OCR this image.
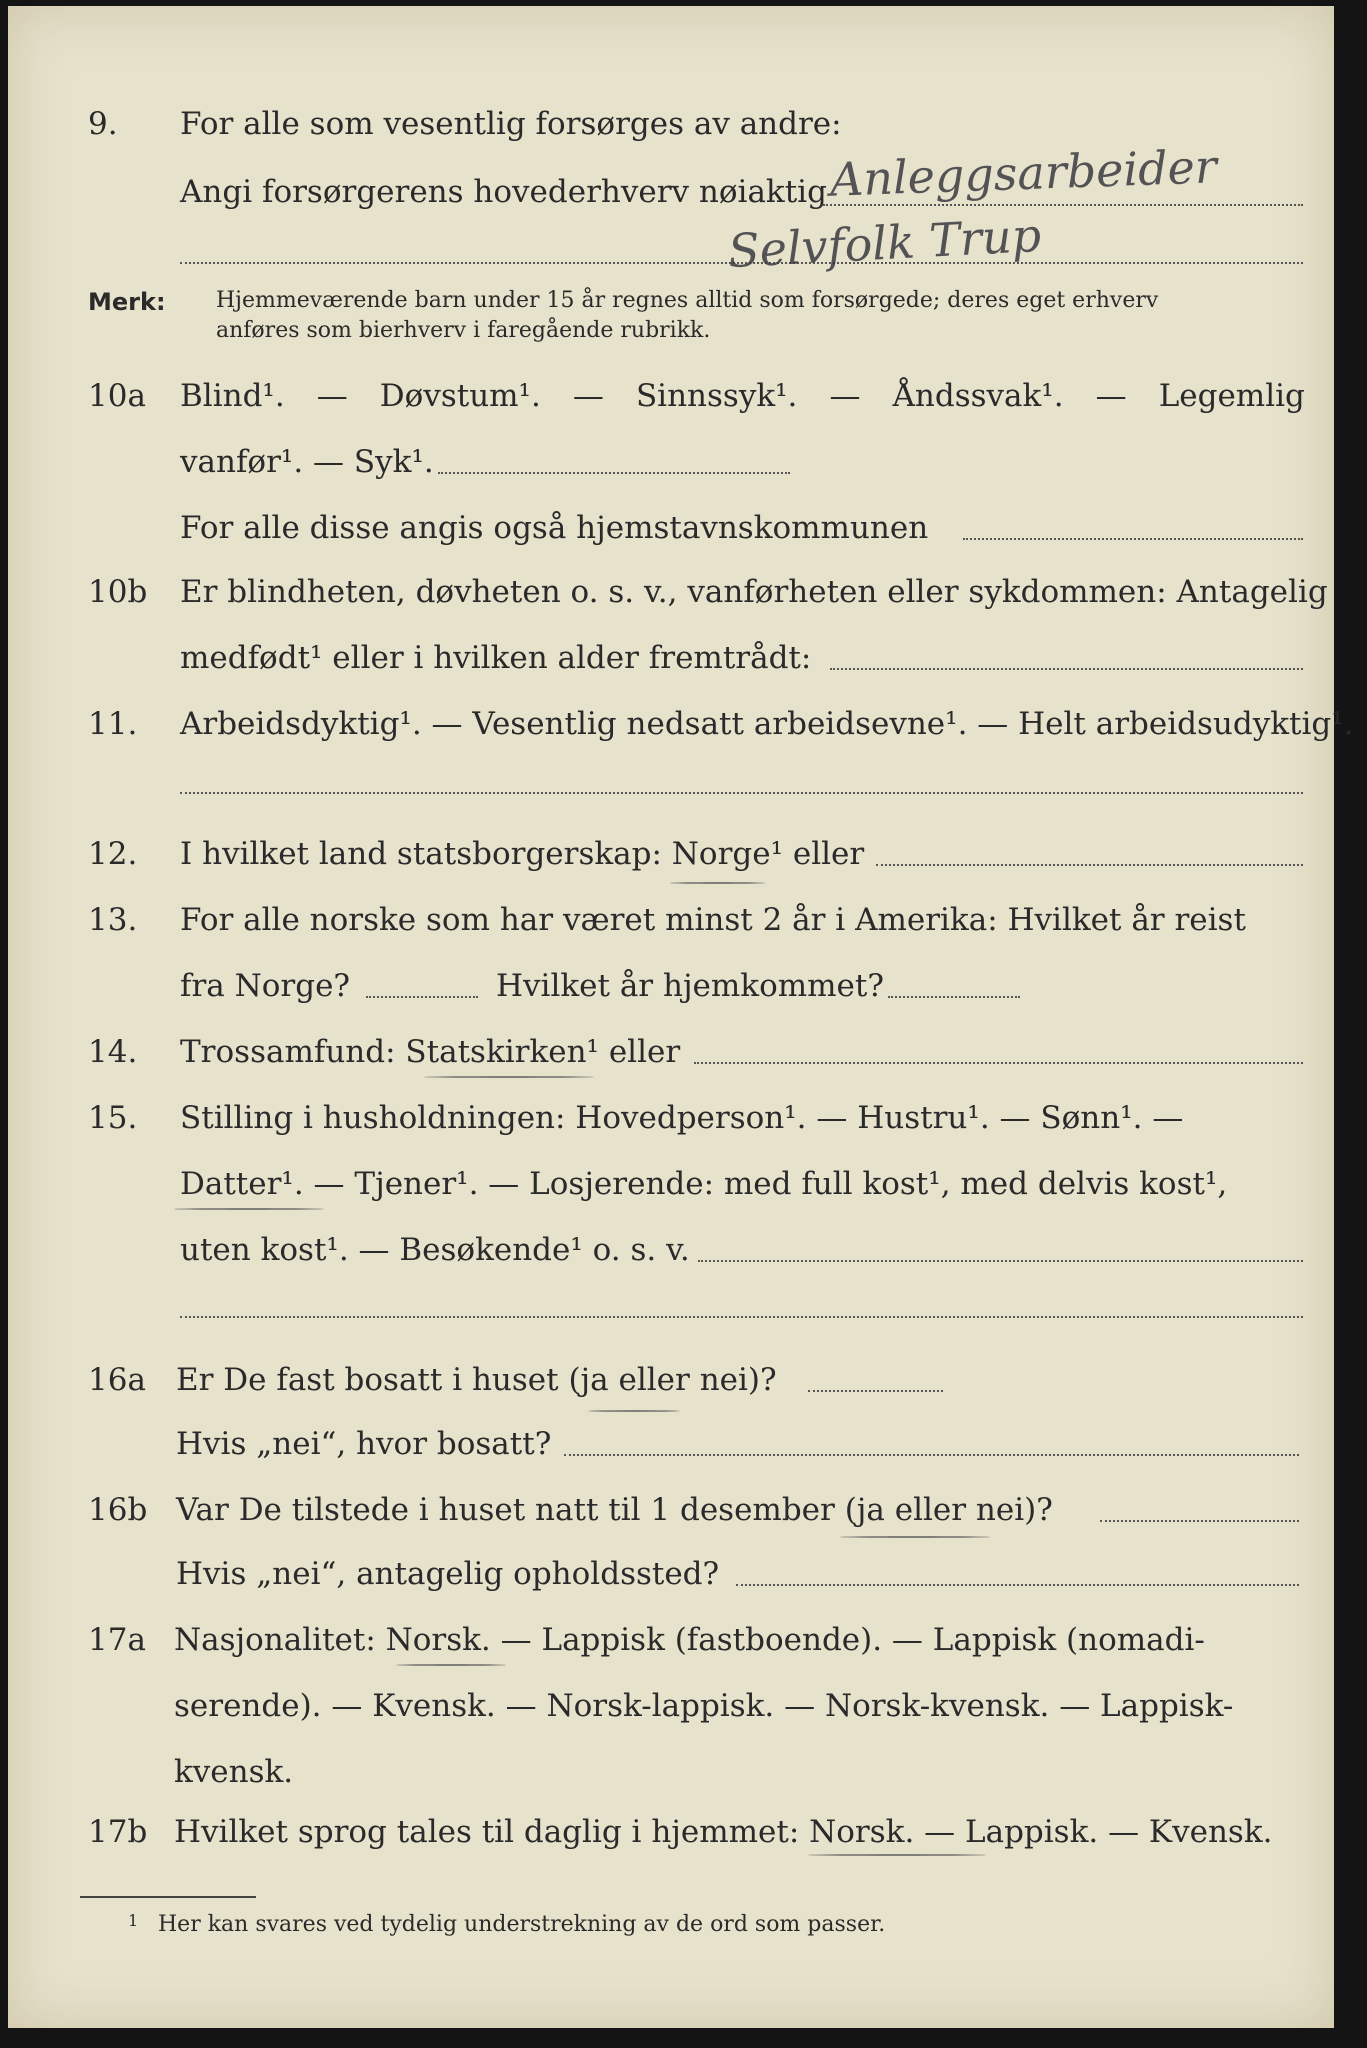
9. For alle som vesentlig forsørges av andre:
Angi forsørgerens hovederhverv nøiaktig Anleggsarbeider
Selvfolk Trup
Merk: Hjemmeværende barn under 15 år regnes alltid som forsørgede; deres eget erhverv
anføres som bierhverv i faregående rubrikk.
10a Blind¹. — Døvstum¹. — Sinnssyk¹. — Åndssvak¹. — Legemlig
vanfør¹. — Syk¹.
For alle disse angis også hjemstavnskommunen
10b Er blindheten, døvheten o. s. v., vanførheten eller sykdommen: Antagelig
medfødt¹ eller i hvilken alder fremtrådt:
11. Arbeidsdyktig¹. — Vesentlig nedsatt arbeidsevne¹. — Helt arbeidsudyktig¹.
12. I hvilket land statsborgerskap: Norge¹ eller
13. For alle norske som har været minst 2 år i Amerika: Hvilket år reist
fra Norge?	Hvilket år hjemkommet?
14. Trossamfund: Statskirken¹ eller
15. Stilling i husholdningen: Hovedperson¹. — Hustru¹. — Sønn¹. —
Datter¹. — Tjener¹. — Losjerende: med full kost¹, med delvis kost¹,
uten kost¹. — Besøkende¹ o. s. v.
16a Er De fast bosatt i huset (ja eller nei)?
Hvis „nei“, hvor bosatt?
16b Var De tilstede i huset natt til 1 desember (ja eller nei)?
Hvis „nei“, antagelig opholdssted?
17a Nasjonalitet: Norsk. — Lappisk (fastboende). — Lappisk (nomadi-
serende). — Kvensk. — Norsk-lappisk. — Norsk-kvensk. — Lappisk-
kvensk.
17b Hvilket sprog tales til daglig i hjemmet: Norsk. — Lappisk. — Kvensk.
1 Her kan svares ved tydelig understrekning av de ord som passer.
